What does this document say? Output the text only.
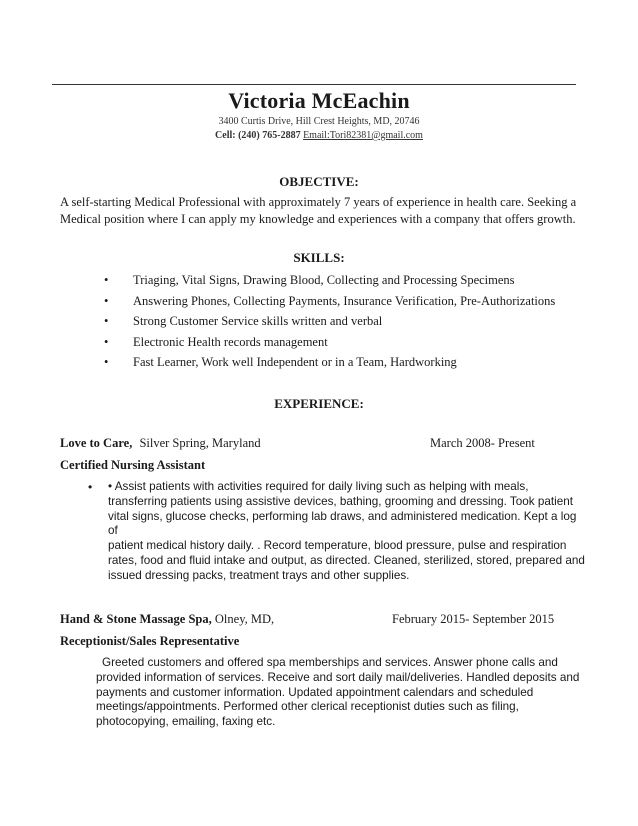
Victoria McEachin
3400 Curtis Drive, Hill Crest Heights, MD, 20746
Cell: (240) 765-2887 Email:Tori82381@gmail.com
OBJECTIVE:
A self-starting Medical Professional with approximately 7 years of experience in health care. Seeking a
Medical position where I can apply my knowledge and experiences with a company that offers growth.
SKILLS:
• Triaging, Vital Signs, Drawing Blood, Collecting and Processing Specimens
• Answering Phones, Collecting Payments, Insurance Verification, Pre-Authorizations
• Strong Customer Service skills written and verbal
• Electronic Health records management
• Fast Learner, Work well Independent or in a Team, Hardworking
EXPERIENCE:
Love to Care, Silver Spring, Maryland	March 2008- Present
Certified Nursing Assistant
• • Assist patients with activities required for daily living such as helping with meals,
transferring patients using assistive devices, bathing, grooming and dressing. Took patient
vital signs, glucose checks, performing lab draws, and administered medication. Kept a log of
patient medical history daily. . Record temperature, blood pressure, pulse and respiration
rates, food and fluid intake and output, as directed. Cleaned, sterilized, stored, prepared and
issued dressing packs, treatment trays and other supplies.
Hand & Stone Massage Spa, Olney, MD,	February 2015- September 2015
Receptionist/Sales Representative
Greeted customers and offered spa memberships and services. Answer phone calls and
provided information of services. Receive and sort daily mail/deliveries. Handled deposits and
payments and customer information. Updated appointment calendars and scheduled
meetings/appointments. Performed other clerical receptionist duties such as filing,
photocopying, emailing, faxing etc.
